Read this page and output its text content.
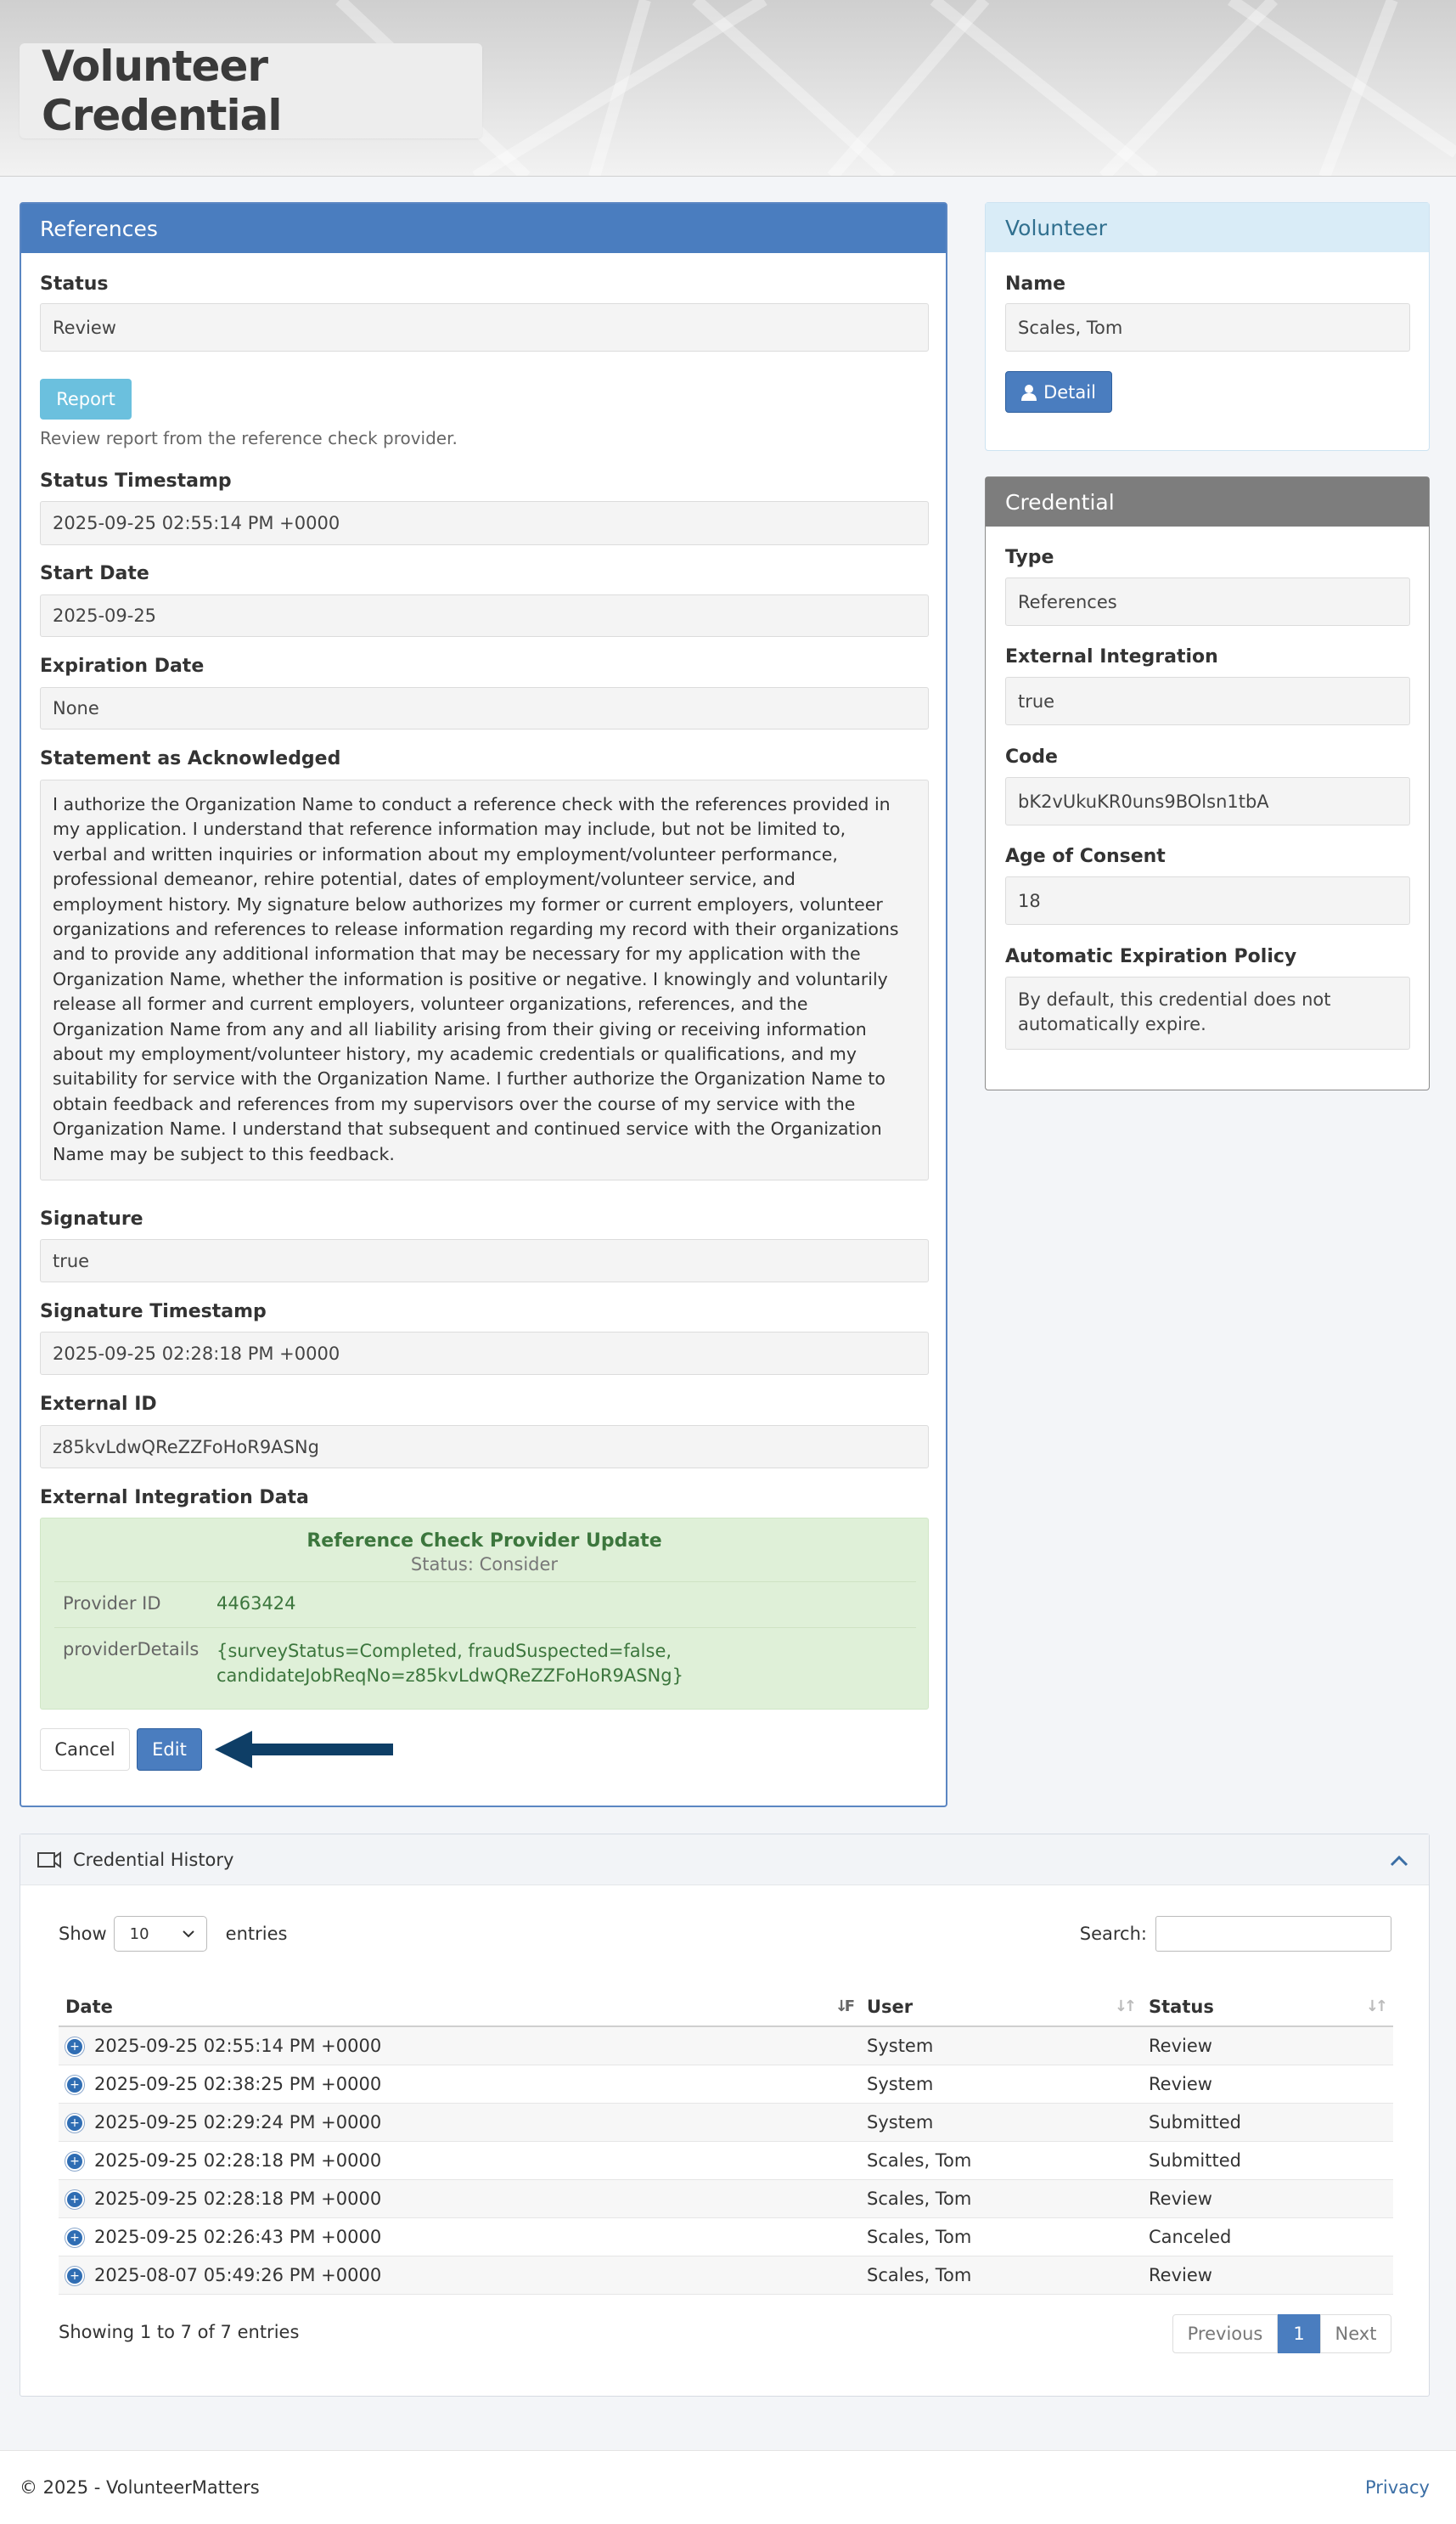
Volunteer Credential
References
Status
Review
Report
Review report from the reference check provider.
Status Timestamp
2025-09-25 02:55:14 PM +0000
Start Date
2025-09-25
Expiration Date
None
Statement as Acknowledged
I authorize the Organization Name to conduct a reference check with the references provided in
my application. I understand that reference information may include, but not be limited to,
verbal and written inquiries or information about my employment/volunteer performance,
professional demeanor, rehire potential, dates of employment/volunteer service, and
employment history. My signature below authorizes my former or current employers, volunteer
organizations and references to release information regarding my record with their organizations
and to provide any additional information that may be necessary for my application with the
Organization Name, whether the information is positive or negative. I knowingly and voluntarily
release all former and current employers, volunteer organizations, references, and the
Organization Name from any and all liability arising from their giving or receiving information
about my employment/volunteer history, my academic credentials or qualifications, and my
suitability for service with the Organization Name. I further authorize the Organization Name to
obtain feedback and references from my supervisors over the course of my service with the
Organization Name. I understand that subsequent and continued service with the Organization
Name may be subject to this feedback.
Signature
true
Signature Timestamp
2025-09-25 02:28:18 PM +0000
External ID
z85kvLdwQReZZFoHoR9ASNg
External Integration Data
Reference Check Provider Update
Status: Consider
Provider ID	4463424
providerDetails {surveyStatus=Completed, fraudSuspected=false,
candidateJobReqNo=z85kvLdwQReZZFoHoR9ASNg}
Cancel Edit
Volunteer
Name
Scales, Tom
Detail
Credential
Type
References
External Integration
true
Code
bK2vUkuKR0uns9BOlsn1tbA
Age of Consent
18
Automatic Expiration Policy
By default, this credential does not
automatically expire.
Credential History
Show 10	entries	Search:
Date ↓F	User ↓↑	Status ↓↑

+ 2025-09-25 02:55:14 PM +0000	System	Review
+ 2025-09-25 02:38:25 PM +0000	System	Review
+ 2025-09-25 02:29:24 PM +0000	System	Submitted
+ 2025-09-25 02:28:18 PM +0000	Scales, Tom	Submitted
+ 2025-09-25 02:28:18 PM +0000	Scales, Tom	Review
+ 2025-09-25 02:26:43 PM +0000	Scales, Tom	Canceled
+ 2025-08-07 05:49:26 PM +0000	Scales, Tom	Review
Showing 1 to 7 of 7 entries	Previous 1 Next
© 2025 - VolunteerMatters	Privacy
